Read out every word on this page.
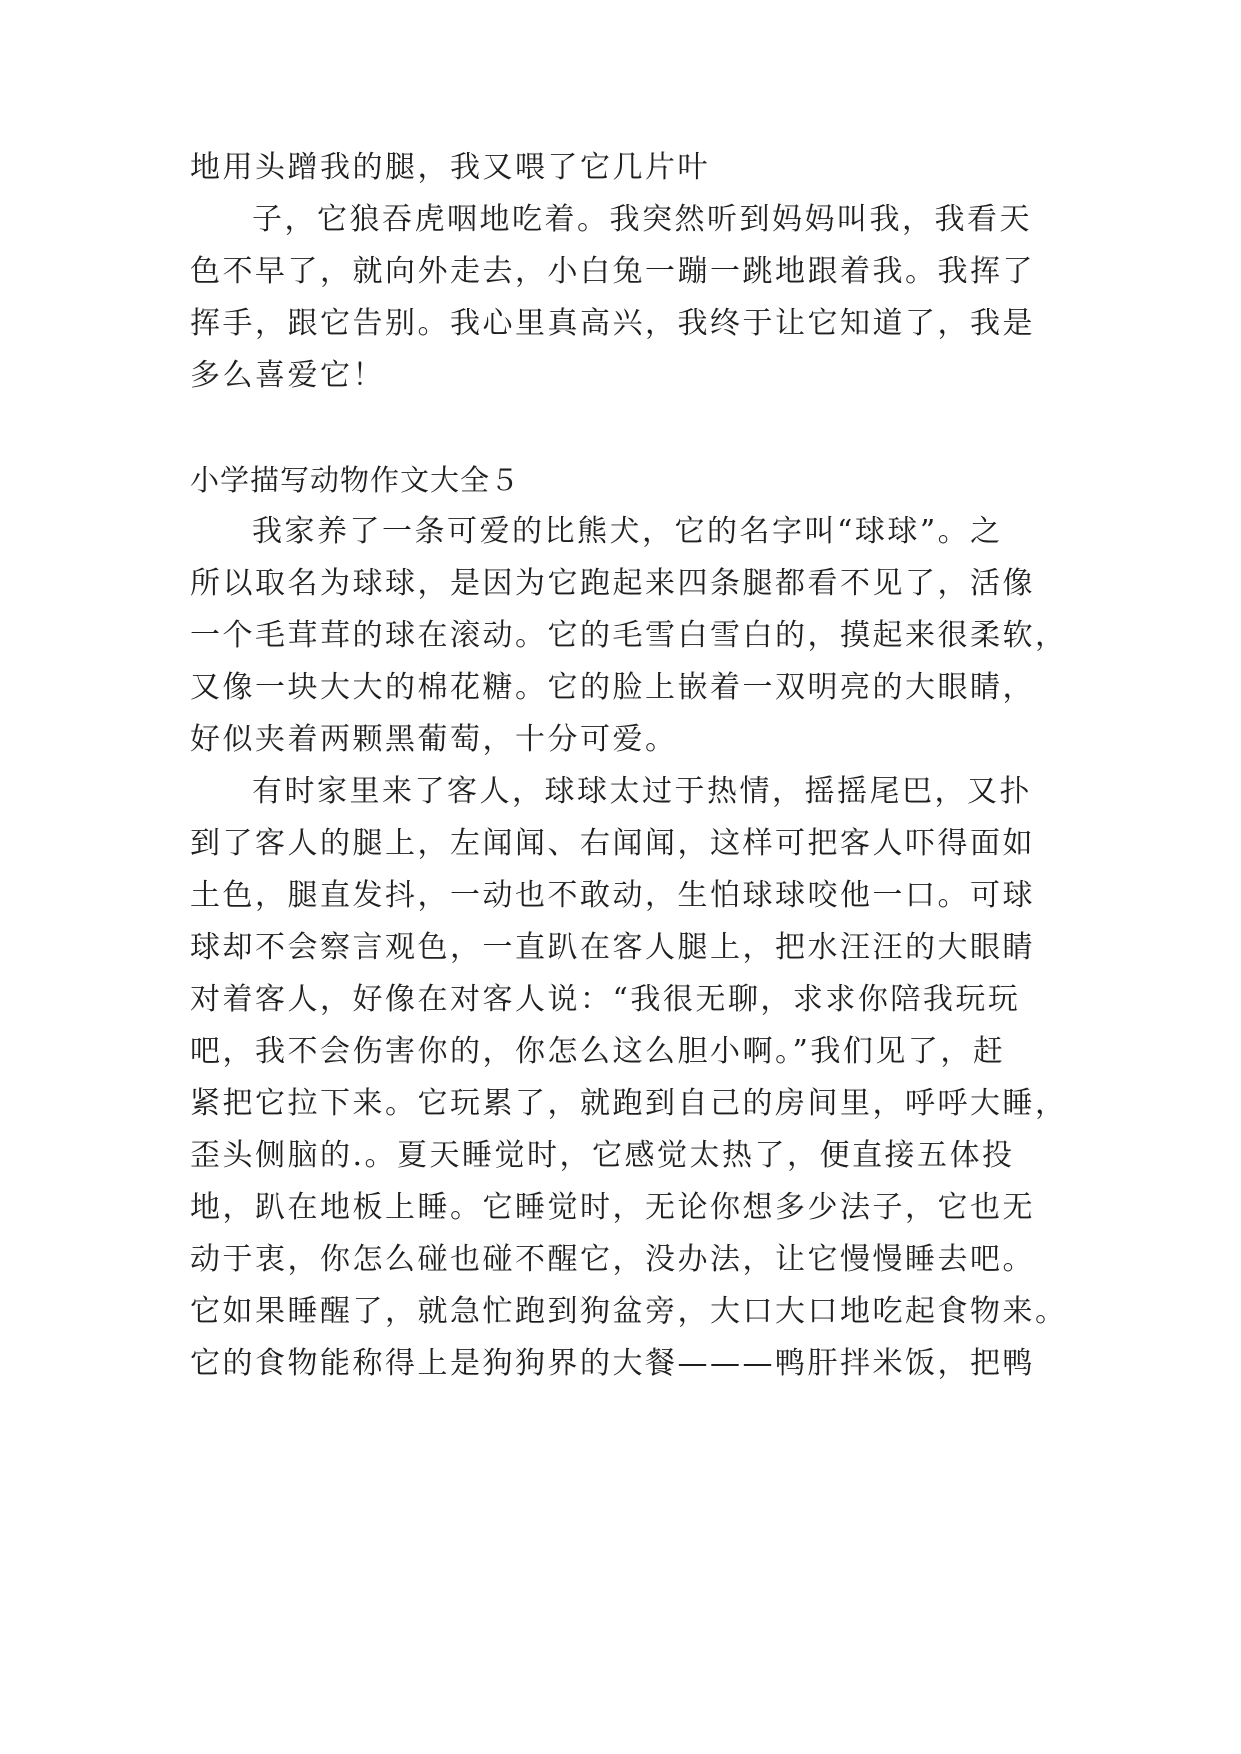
地用头蹭我的腿，我又喂了它几片叶

子，它狼吞虎咽地吃着。我突然听到妈妈叫我，我看天

色不早了，就向外走去，小白兔一蹦一跳地跟着我。我挥了

挥手，跟它告别。我心里真高兴，我终于让它知道了，我是

多么喜爱它！

小学描写动物作文大全５

我家养了一条可爱的比熊犬，它的名字叫“球球”。之

所以取名为球球，是因为它跑起来四条腿都看不见了，活像

一个毛茸茸的球在滚动。它的毛雪白雪白的，摸起来很柔软，

又像一块大大的棉花糖。它的脸上嵌着一双明亮的大眼睛，

好似夹着两颗黑葡萄，十分可爱。

有时家里来了客人，球球太过于热情，摇摇尾巴，又扑

到了客人的腿上，左闻闻、右闻闻，这样可把客人吓得面如

土色，腿直发抖，一动也不敢动，生怕球球咬他一口。可球

球却不会察言观色，一直趴在客人腿上，把水汪汪的大眼睛

对着客人，好像在对客人说：“我很无聊，求求你陪我玩玩

吧，我不会伤害你的，你怎么这么胆小啊。”我们见了，赶

紧把它拉下来。它玩累了，就跑到自己的房间里，呼呼大睡，

歪头侧脑的.。夏天睡觉时，它感觉太热了，便直接五体投

地，趴在地板上睡。它睡觉时，无论你想多少法子，它也无

动于衷，你怎么碰也碰不醒它，没办法，让它慢慢睡去吧。

它如果睡醒了，就急忙跑到狗盆旁，大口大口地吃起食物来。

它的食物能称得上是狗狗界的大餐———鸭肝拌米饭，把鸭
